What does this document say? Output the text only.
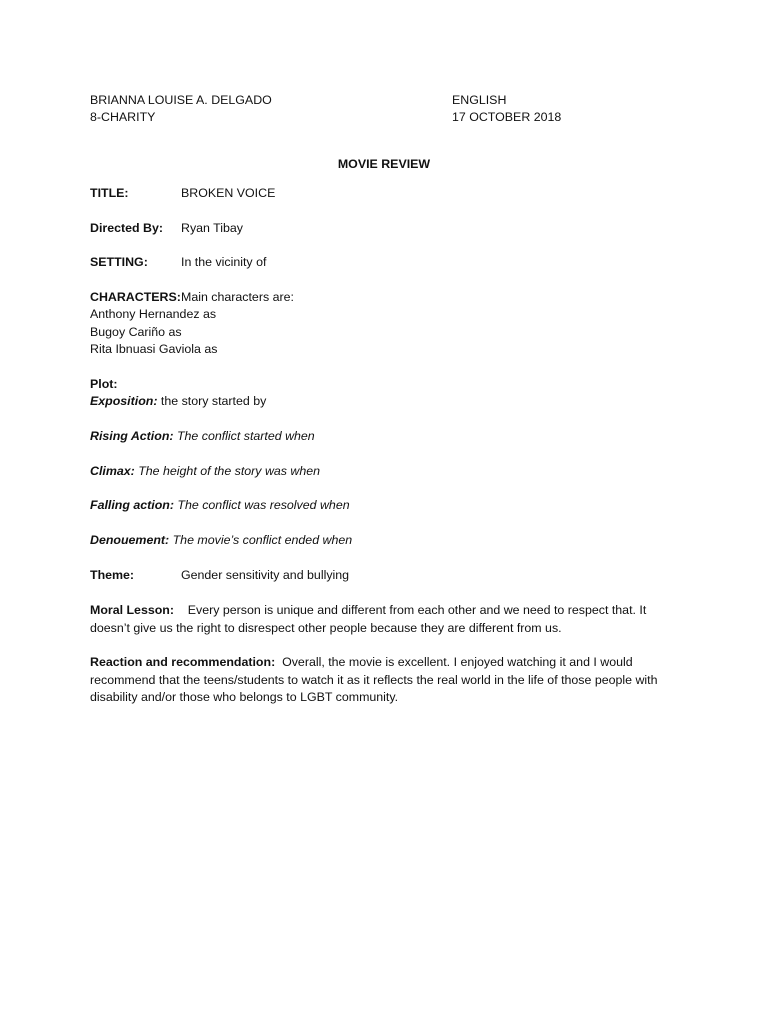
BRIANNA LOUISE A. DELGADO
8-CHARITY
ENGLISH
17 OCTOBER 2018
MOVIE REVIEW
TITLE:	BROKEN VOICE
Directed By: Ryan Tibay
SETTING:	In the vicinity of
CHARACTERS: Main characters are:
Anthony Hernandez as
Bugoy Cariño as
Rita Ibnuasi Gaviola as
Plot:
Exposition: the story started by
Rising Action: The conflict started when
Climax: The height of the story was when
Falling action: The conflict was resolved when
Denouement: The movie’s conflict ended when
Theme:	Gender sensitivity and bullying
Moral Lesson: Every person is unique and different from each other and we need to respect that. It doesn’t give us the right to disrespect other people because they are different from us.
Reaction and recommendation: Overall, the movie is excellent. I enjoyed watching it and I would recommend that the teens/students to watch it as it reflects the real world in the life of those people with disability and/or those who belongs to LGBT community.
